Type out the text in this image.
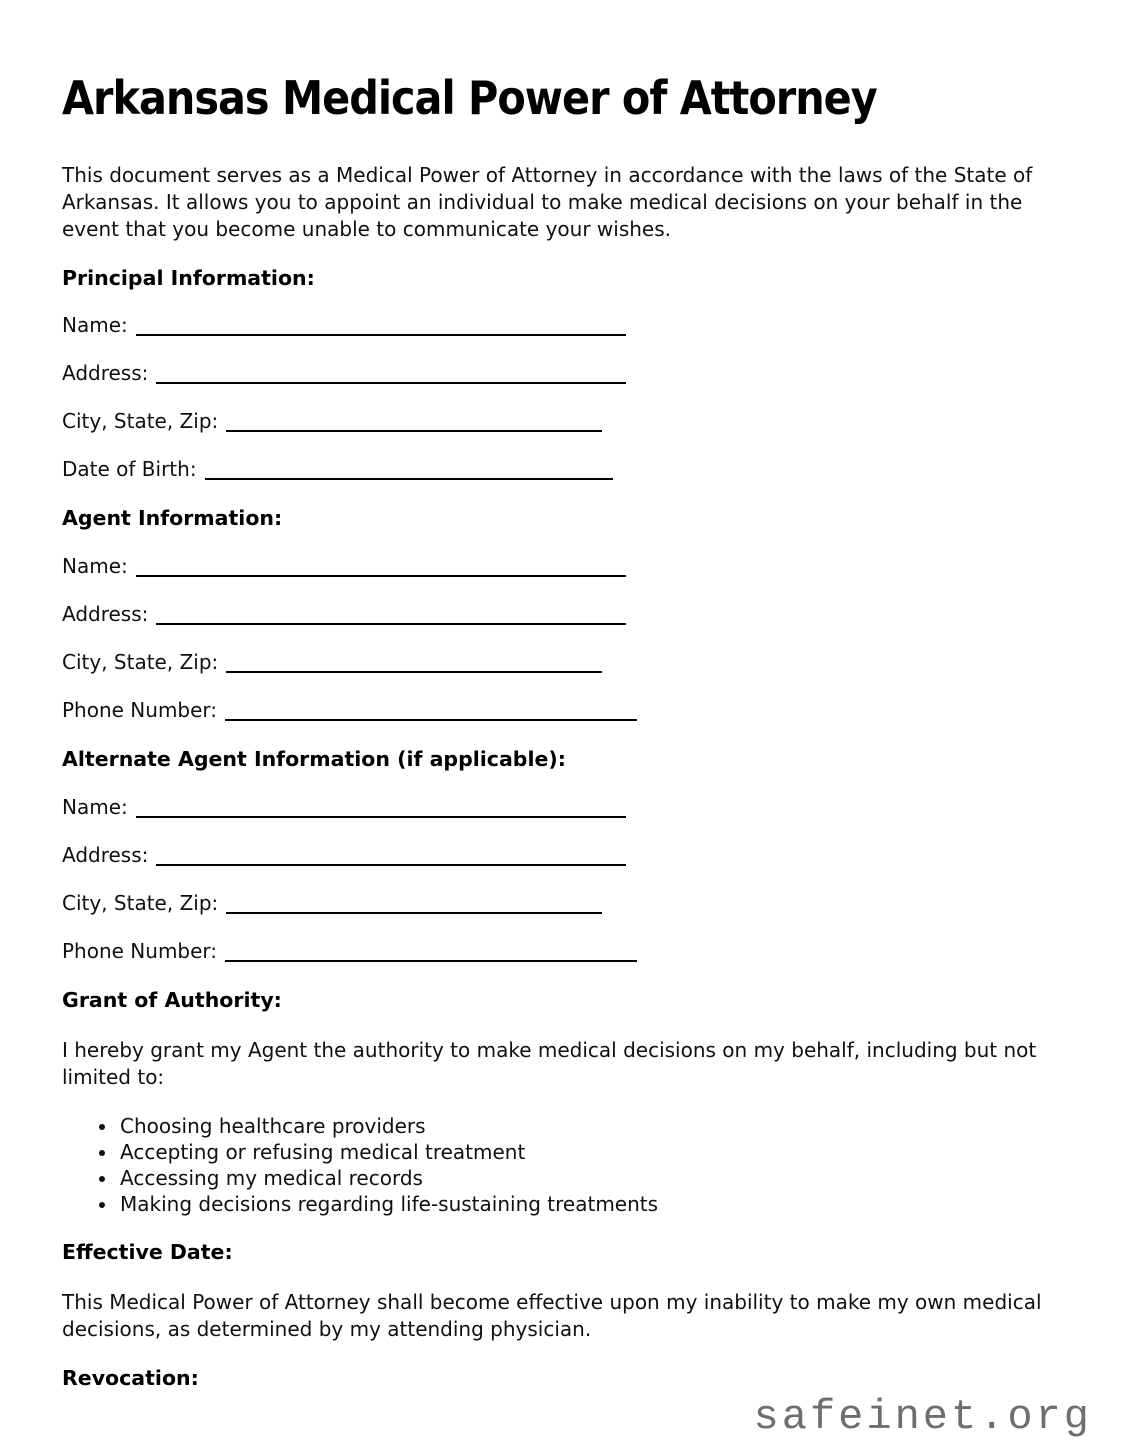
Arkansas Medical Power of Attorney

This document serves as a Medical Power of Attorney in accordance with the laws of the State of Arkansas. It allows you to appoint an individual to make medical decisions on your behalf in the event that you become unable to communicate your wishes.

Principal Information:
Name:
Address:
City, State, Zip:
Date of Birth:
Agent Information:
Name:
Address:
City, State, Zip:
Phone Number:
Alternate Agent Information (if applicable):
Name:
Address:
City, State, Zip:
Phone Number:
Grant of Authority:

I hereby grant my Agent the authority to make medical decisions on my behalf, including but not limited to:

• Choosing healthcare providers
• Accepting or refusing medical treatment
• Accessing my medical records
• Making decisions regarding life-sustaining treatments
Effective Date:

This Medical Power of Attorney shall become effective upon my inability to make my own medical decisions, as determined by my attending physician.

Revocation:
safeinet.org
